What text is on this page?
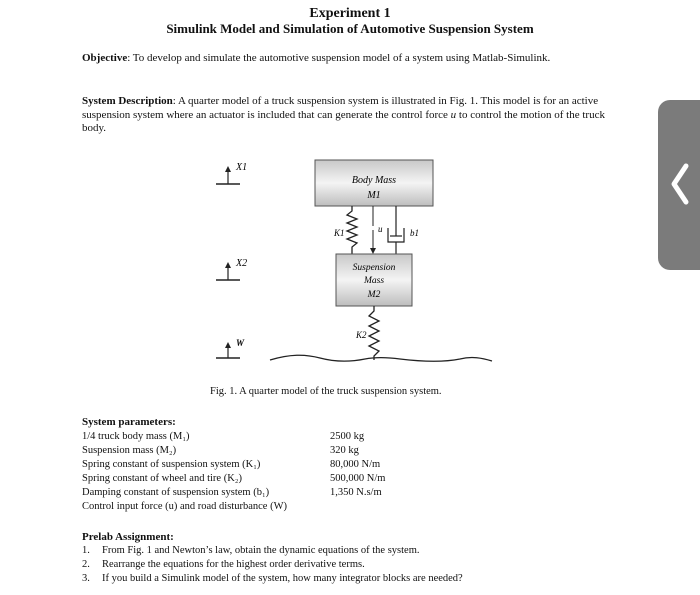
Experiment 1
Simulink Model and Simulation of Automotive Suspension System
Objective: To develop and simulate the automotive suspension model of a system using Matlab-Simulink.
System Description: A quarter model of a truck suspension system is illustrated in Fig. 1. This model is for an active suspension system where an actuator is included that can generate the control force u to control the motion of the truck body.
X1
X2
W
Body Mass
M1
K1	u	b1
Suspension
Mass
M2
K2
Fig. 1. A quarter model of the truck suspension system.
System parameters:
1/4 truck body mass (M₁)	2500 kg
Suspension mass (M₂)	320 kg
Spring constant of suspension system (K₁)	80,000 N/m
Spring constant of wheel and tire (K₂)	500,000 N/m
Damping constant of suspension system (b₁)	1,350 N.s/m
Control input force (u) and road disturbance (W)
Prelab Assignment:
1. From Fig. 1 and Newton’s law, obtain the dynamic equations of the system.
2. Rearrange the equations for the highest order derivative terms.
3. If you build a Simulink model of the system, how many integrator blocks are needed?
